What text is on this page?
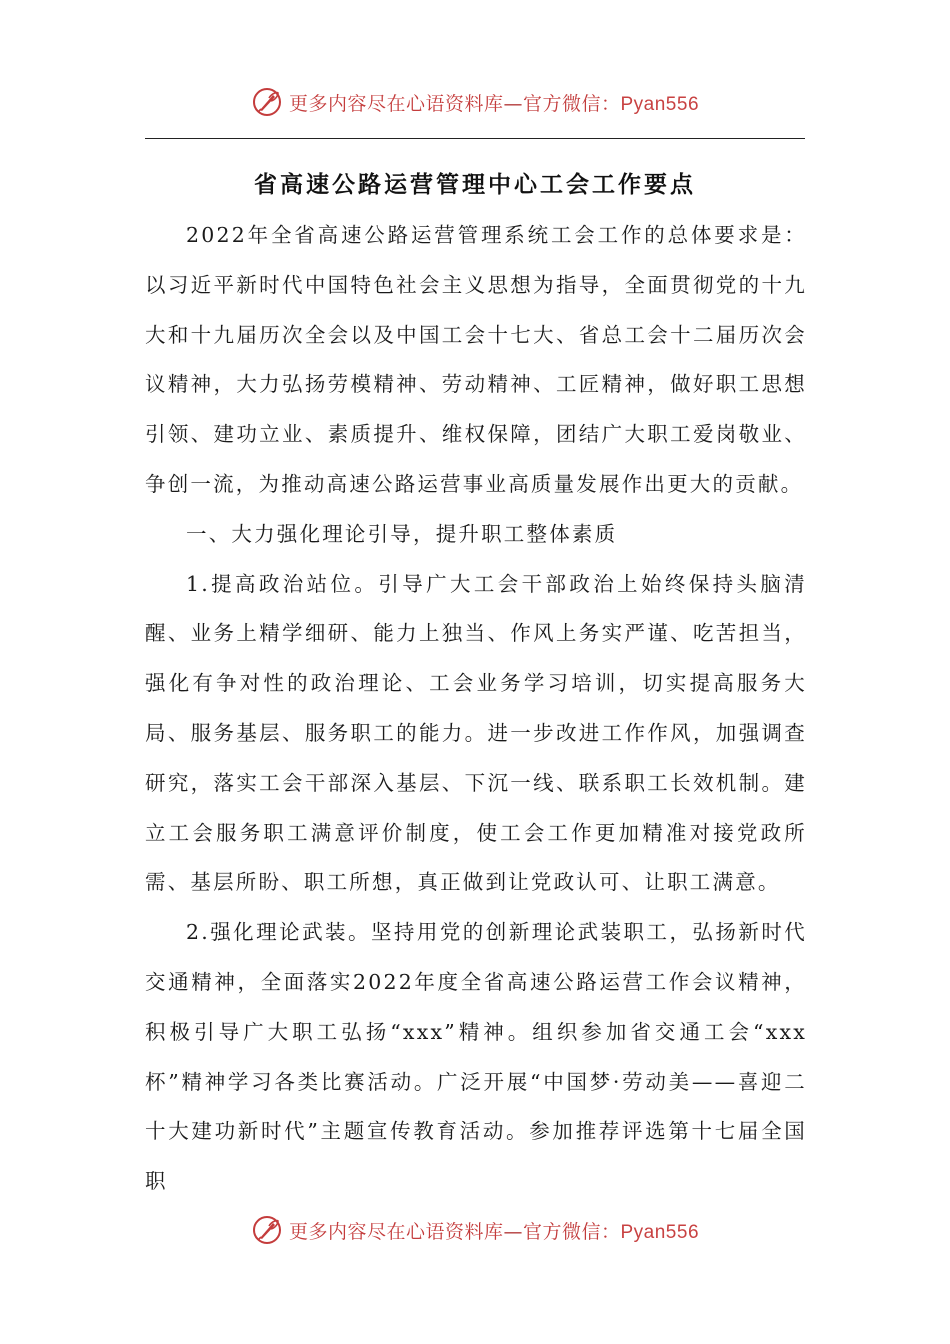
更多内容尽在心语资料库—官方微信：Pyan556
省高速公路运营管理中心工会工作要点

2022年全省高速公路运营管理系统工会工作的总体要求是：以习近平新时代中国特色社会主义思想为指导，全面贯彻党的十九大和十九届历次全会以及中国工会十七大、省总工会十二届历次会议精神，大力弘扬劳模精神、劳动精神、工匠精神，做好职工思想引领、建功立业、素质提升、维权保障，团结广大职工爱岗敬业、争创一流，为推动高速公路运营事业高质量发展作出更大的贡献。

一、大力强化理论引导，提升职工整体素质

1.提高政治站位。引导广大工会干部政治上始终保持头脑清醒、业务上精学细研、能力上独当、作风上务实严谨、吃苦担当，强化有争对性的政治理论、工会业务学习培训，切实提高服务大局、服务基层、服务职工的能力。进一步改进工作作风，加强调查研究，落实工会干部深入基层、下沉一线、联系职工长效机制。建立工会服务职工满意评价制度，使工会工作更加精准对接党政所需、基层所盼、职工所想，真正做到让党政认可、让职工满意。

2.强化理论武装。坚持用党的创新理论武装职工，弘扬新时代交通精神，全面落实2022年度全省高速公路运营工作会议精神，积极引导广大职工弘扬“xxx”精神。组织参加省交通工会“xxx杯”精神学习各类比赛活动。广泛开展“中国梦·劳动美——喜迎二十大建功新时代”主题宣传教育活动。参加推荐评选第十七届全国职

更多内容尽在心语资料库—官方微信：Pyan556
